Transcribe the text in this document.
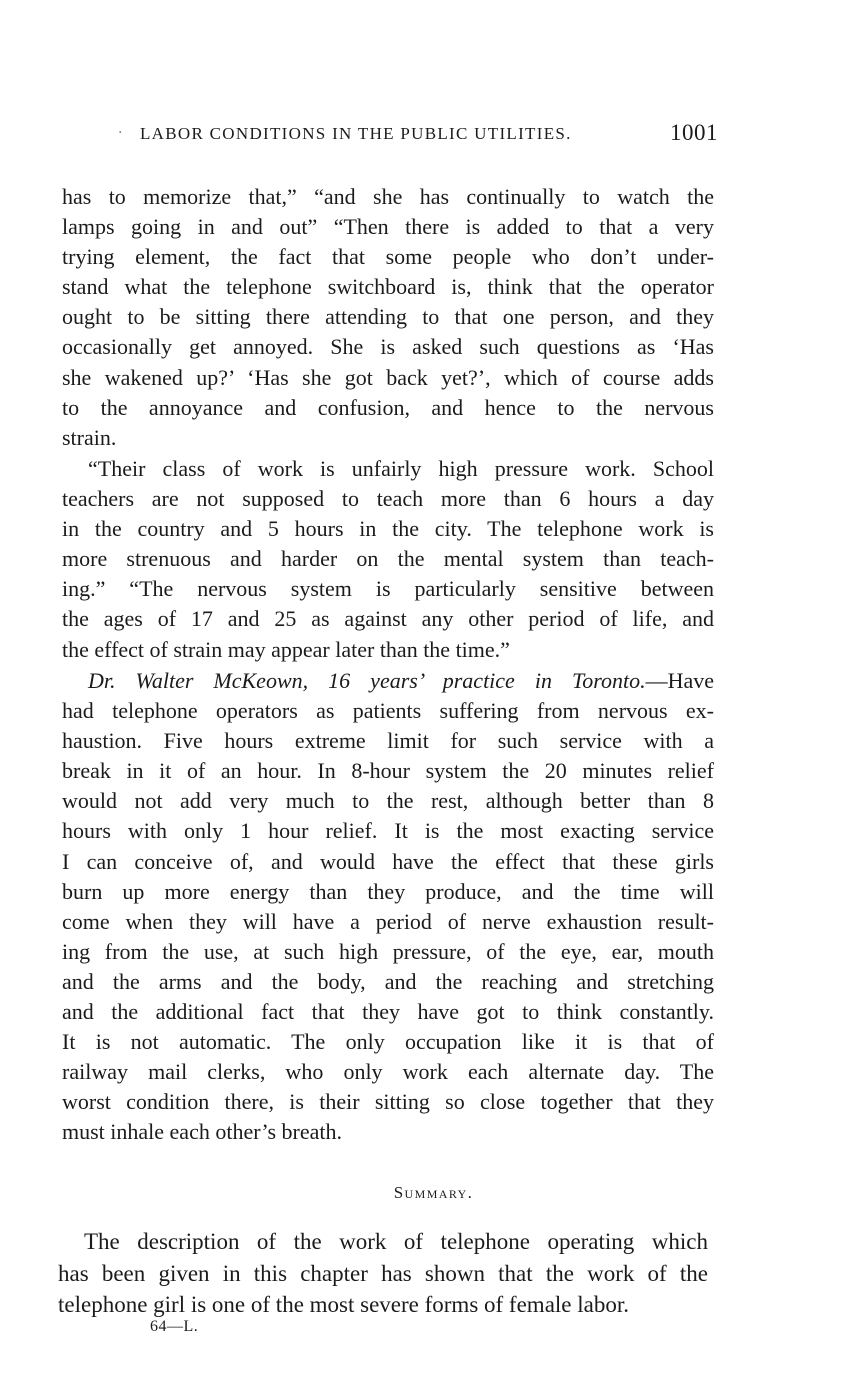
· LABOR CONDITIONS IN THE PUBLIC UTILITIES.	1001
has to memorize that,” “and she has continually to watch the
lamps going in and out” “Then there is added to that a very
trying element, the fact that some people who don’t under-
stand what the telephone switchboard is, think that the operator
ought to be sitting there attending to that one person, and they
occasionally get annoyed. She is asked such questions as ‘Has
she wakened up?’ ‘Has she got back yet?’, which of course adds
to the annoyance and confusion, and hence to the nervous
strain.
“Their class of work is unfairly high pressure work. School
teachers are not supposed to teach more than 6 hours a day
in the country and 5 hours in the city. The telephone work is
more strenuous and harder on the mental system than teach-
ing.” “The nervous system is particularly sensitive between
the ages of 17 and 25 as against any other period of life, and
the effect of strain may appear later than the time.”
Dr. Walter McKeown, 16 years’ practice in Toronto.—Have
had telephone operators as patients suffering from nervous ex-
haustion. Five hours extreme limit for such service with a
break in it of an hour. In 8-hour system the 20 minutes relief
would not add very much to the rest, although better than 8
hours with only 1 hour relief. It is the most exacting service
I can conceive of, and would have the effect that these girls
burn up more energy than they produce, and the time will
come when they will have a period of nerve exhaustion result-
ing from the use, at such high pressure, of the eye, ear, mouth
and the arms and the body, and the reaching and stretching
and the additional fact that they have got to think constantly.
It is not automatic. The only occupation like it is that of
railway mail clerks, who only work each alternate day. The
worst condition there, is their sitting so close together that they
must inhale each other’s breath.
Summary.
The description of the work of telephone operating which
has been given in this chapter has shown that the work of the
telephone girl is one of the most severe forms of female labor.
64—L.
